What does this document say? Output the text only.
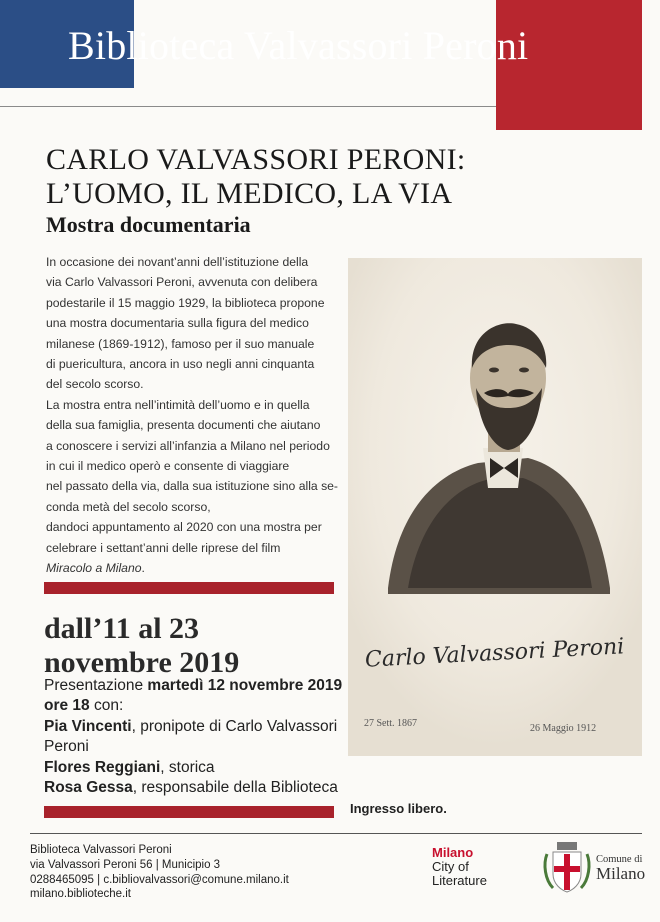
Biblioteca Valvassori Peroni
CARLO VALVASSORI PERONI:
L’UOMO, IL MEDICO, LA VIA
Mostra documentaria

In occasione dei novant’anni dell’istituzione della

via Carlo Valvassori Peroni, avvenuta con delibera

podestarile il 15 maggio 1929, la biblioteca propone

una mostra documentaria sulla figura del medico

milanese (1869-1912), famoso per il suo manuale

di puericultura, ancora in uso negli anni cinquanta

del secolo scorso.

La mostra entra nell’intimità dell’uomo e in quella

della sua famiglia, presenta documenti che aiutano

a conoscere i servizi all’infanzia a Milano nel periodo

in cui il medico operò e consente di viaggiare

nel passato della via, dalla sua istituzione sino alla se-

conda metà del secolo scorso,

dandoci appuntamento al 2020 con una mostra per

celebrare i settant’anni delle riprese del film

Miracolo a Milano.

dall’11 al 23
novembre 2019

Presentazione martedì 12 novembre 2019

ore 18 con:

Pia Vincenti, pronipote di Carlo Valvassori

Peroni

Flores Reggiani, storica

Rosa Gessa, responsabile della Biblioteca

Ingresso libero.
Carlo Valvassori Peroni
27 Sett. 1867	26 Maggio 1912
Biblioteca Valvassori Peroni
via Valvassori Peroni 56 | Municipio 3
0288465095 | c.bibliovalvassori@comune.milano.it
milano.biblioteche.it
Milano
City of
Literature
Comune di
Milano
